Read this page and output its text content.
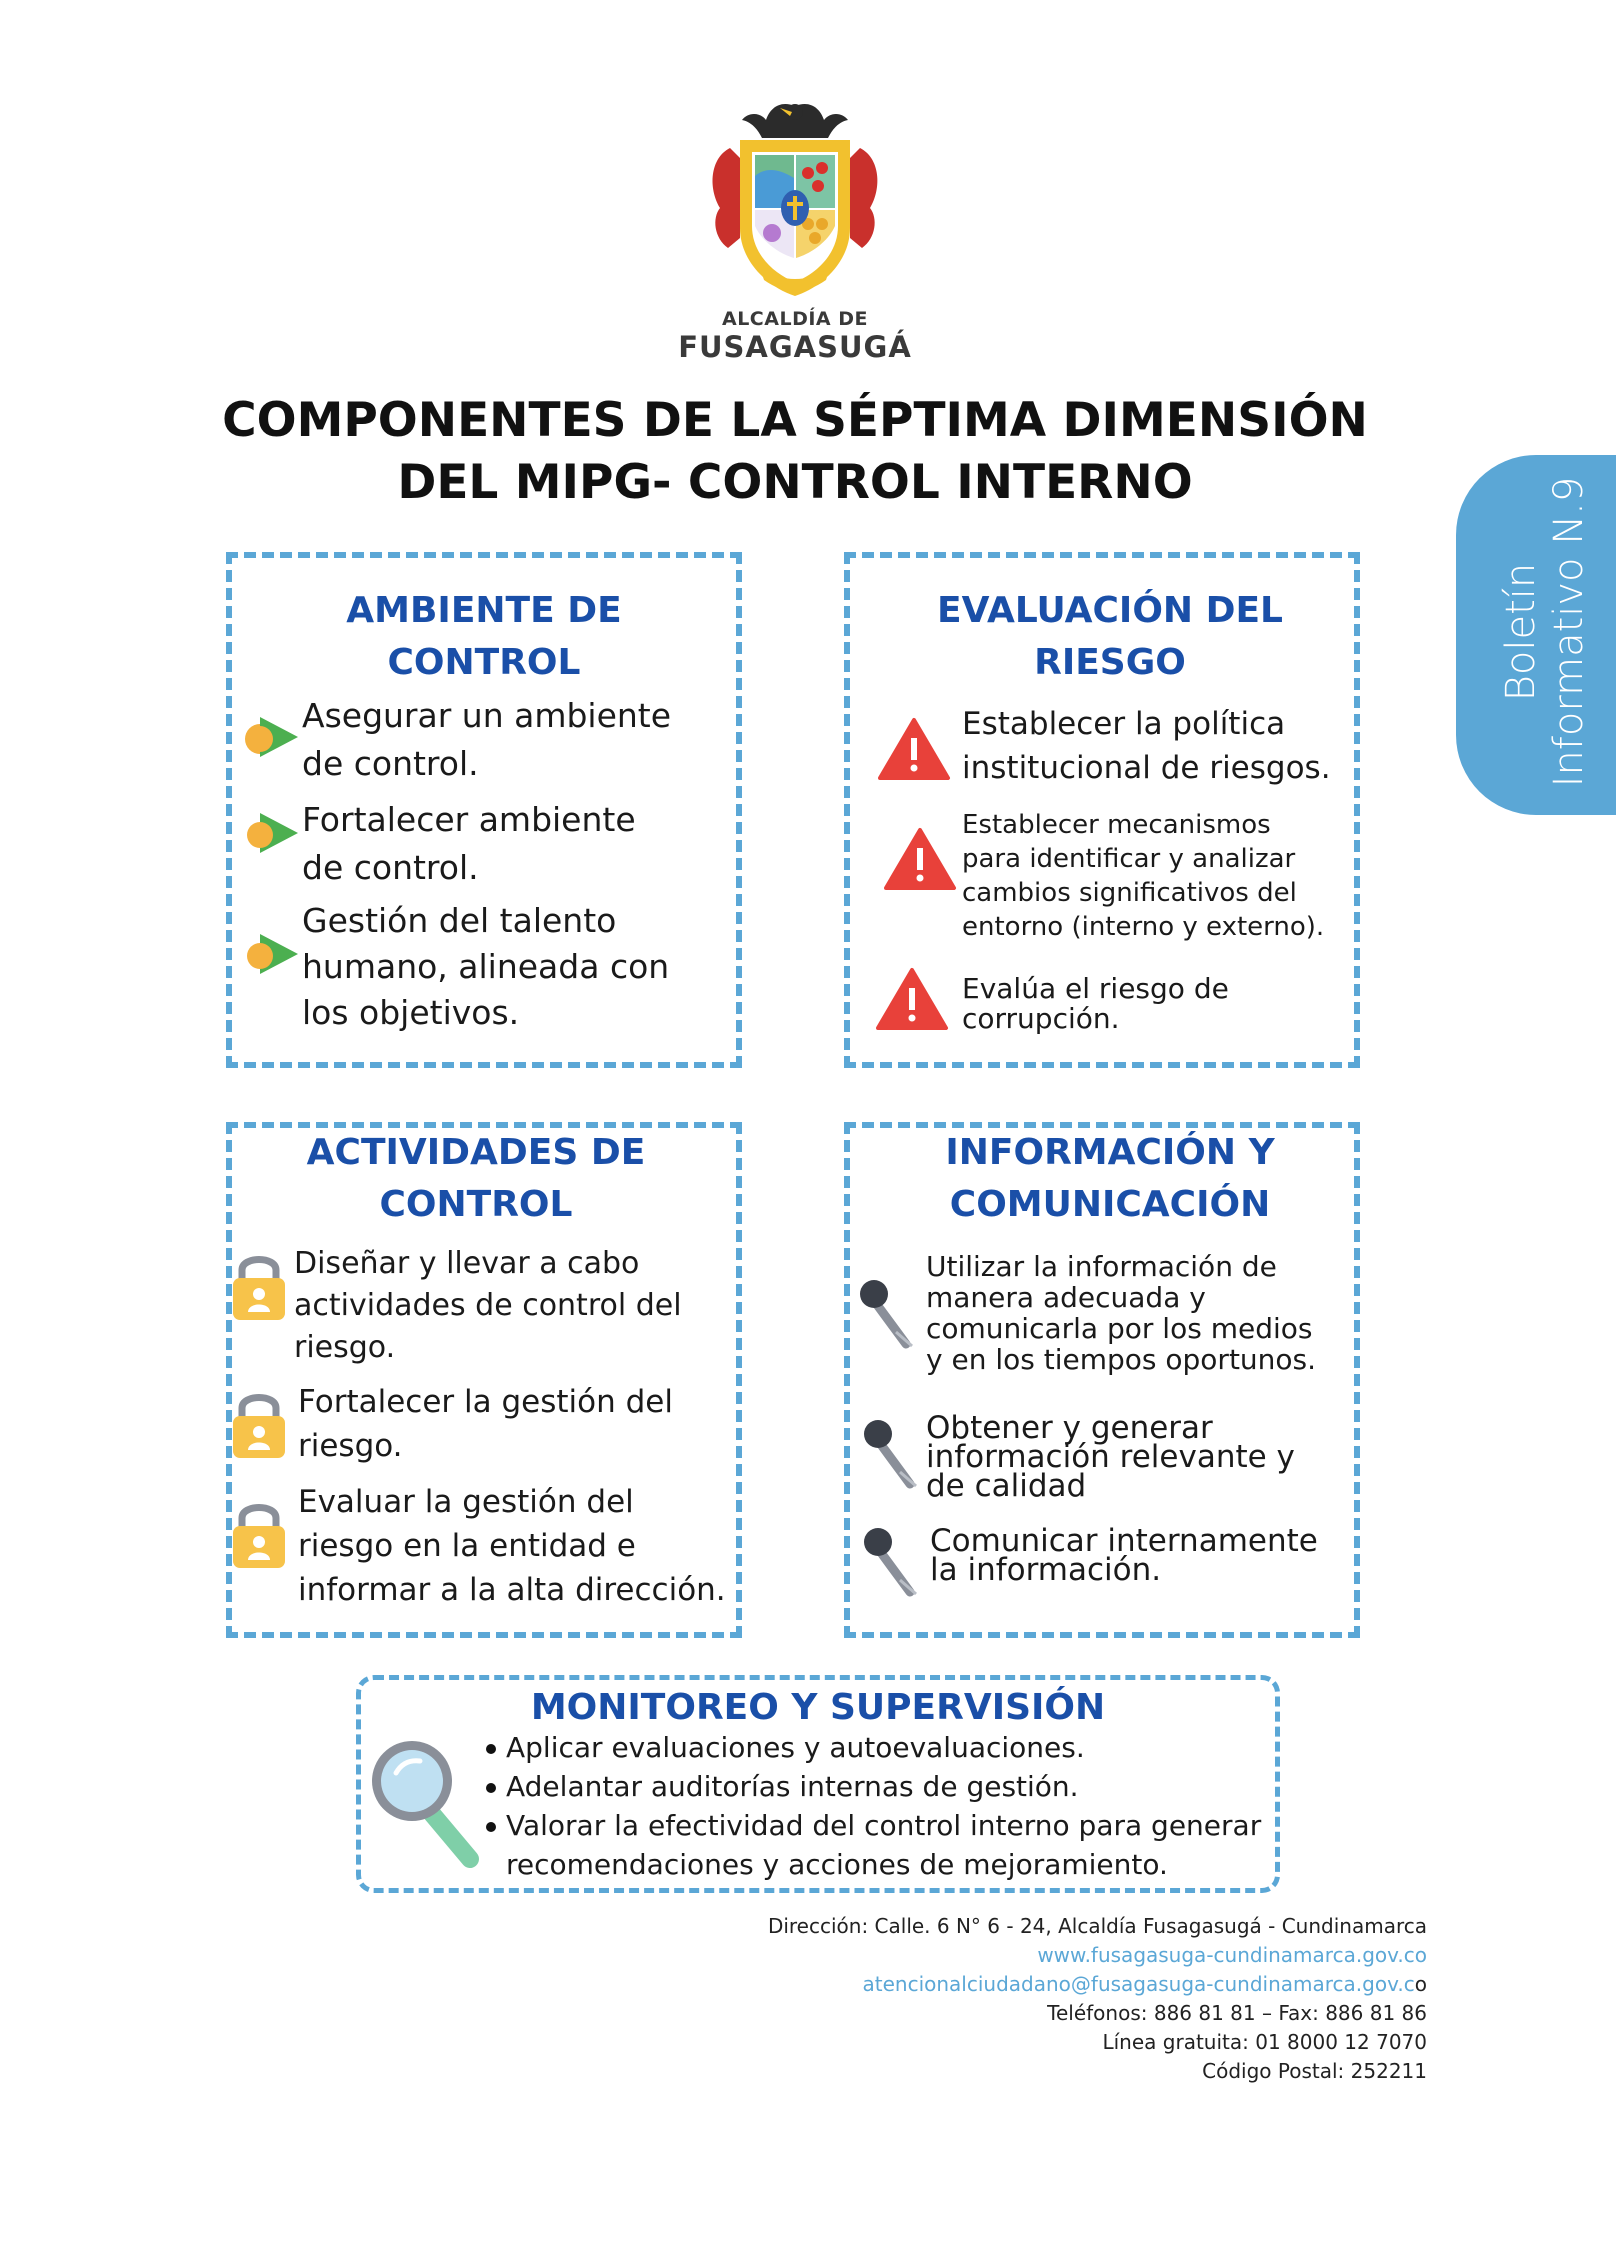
ALCALDÍA DE
FUSAGASUGÁ
COMPONENTES DE LA SÉPTIMA DIMENSIÓN
DEL MIPG- CONTROL INTERNO
Boletín Informativo N.9
AMBIENTE DE
CONTROL
Asegurar un ambiente
de control.
Fortalecer ambiente
de control.
Gestión del talento
humano, alineada con
los objetivos.
EVALUACIÓN DEL
RIESGO
Establecer la política
institucional de riesgos.
Establecer mecanismos
para identificar y analizar
cambios significativos del
entorno (interno y externo).
Evalúa el riesgo de
corrupción.
ACTIVIDADES DE
CONTROL
Diseñar y llevar a cabo
actividades de control del
riesgo.
Fortalecer la gestión del
riesgo.
Evaluar la gestión del
riesgo en la entidad e
informar a la alta dirección.
INFORMACIÓN Y
COMUNICACIÓN
Utilizar la información de
manera adecuada y
comunicarla por los medios
y en los tiempos oportunos.
Obtener y generar
información relevante y
de calidad
Comunicar internamente
la información.
MONITOREO Y SUPERVISIÓN
Aplicar evaluaciones y autoevaluaciones.
Adelantar auditorías internas de gestión.
Valorar la efectividad del control interno para generar
recomendaciones y acciones de mejoramiento.
Dirección: Calle. 6 N° 6 - 24, Alcaldía Fusagasugá - Cundinamarca
www.fusagasuga-cundinamarca.gov.co
atencionalciudadano@fusagasuga-cundinamarca.gov.co
Teléfonos: 886 81 81 – Fax: 886 81 86
Línea gratuita: 01 8000 12 7070
Código Postal: 252211
